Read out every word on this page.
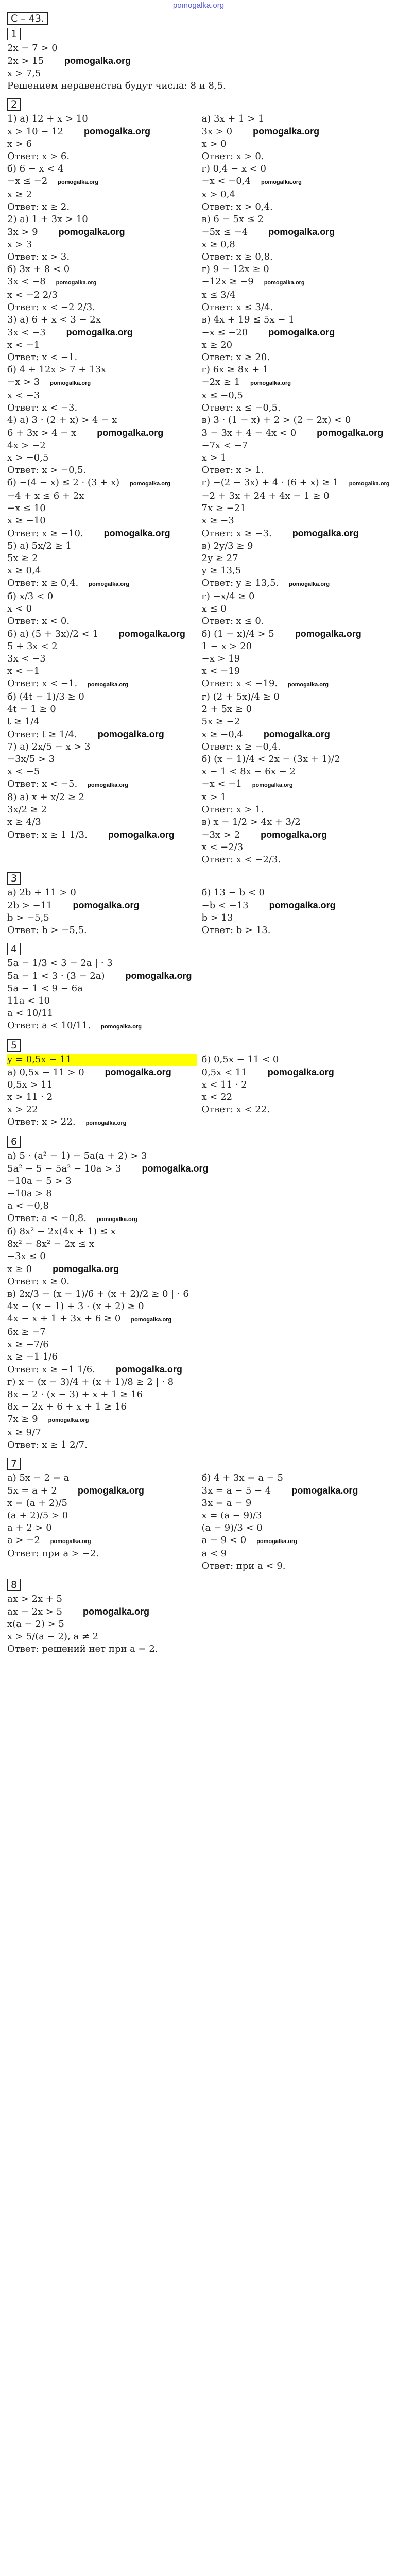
pomogalka.org
С – 43.
1
2x − 7 > 0
2x > 15 pomogalka.org
x > 7,5
Решением неравенства будут числа: 8 и 8,5.
2
1) а) 12 + x > 10
x > 10 − 12 pomogalka.org
x > 6
Ответ: x > 6.
б) 6 − x < 4
−x ≤ −2 pomogalka.org
x ≥ 2
Ответ: x ≥ 2.
2) а) 1 + 3x > 10
3x > 9 pomogalka.org
x > 3
Ответ: x > 3.
б) 3x + 8 < 0
3x < −8 pomogalka.org
x < −2 2/3
Ответ: x < −2 2/3.
3) а) 6 + x < 3 − 2x
3x < −3 pomogalka.org
x < −1
Ответ: x < −1.
б) 4 + 12x > 7 + 13x
−x > 3 pomogalka.org
x < −3
Ответ: x < −3.
4) а) 3 · (2 + x) > 4 − x
6 + 3x > 4 − x pomogalka.org
4x > −2
x > −0,5
Ответ: x > −0,5.
б) −(4 − x) ≤ 2 · (3 + x) pomogalka.org
−4 + x ≤ 6 + 2x
−x ≤ 10
x ≥ −10
Ответ: x ≥ −10. pomogalka.org
5) а) 5x/2 ≥ 1
5x ≥ 2
x ≥ 0,4
Ответ: x ≥ 0,4. pomogalka.org
б) x/3 < 0
x < 0
Ответ: x < 0.
6) а) (5 + 3x)/2 < 1 pomogalka.org
5 + 3x < 2
3x < −3
x < −1
Ответ: x < −1. pomogalka.org
б) (4t − 1)/3 ≥ 0
4t − 1 ≥ 0
t ≥ 1/4
Ответ: t ≥ 1/4. pomogalka.org
7) а) 2x/5 − x > 3
−3x/5 > 3
x < −5
Ответ: x < −5. pomogalka.org
8) а) x + x/2 ≥ 2
3x/2 ≥ 2
x ≥ 4/3
Ответ: x ≥ 1 1/3. pomogalka.org
а) 3x + 1 > 1
3x > 0 pomogalka.org
x > 0
Ответ: x > 0.
г) 0,4 − x < 0
−x < −0,4 pomogalka.org
x > 0,4
Ответ: x > 0,4.
в) 6 − 5x ≤ 2
−5x ≤ −4 pomogalka.org
x ≥ 0,8
Ответ: x ≥ 0,8.
г) 9 − 12x ≥ 0
−12x ≥ −9 pomogalka.org
x ≤ 3/4
Ответ: x ≤ 3/4.
в) 4x + 19 ≤ 5x − 1
−x ≤ −20 pomogalka.org
x ≥ 20
Ответ: x ≥ 20.
г) 6x ≥ 8x + 1
−2x ≥ 1 pomogalka.org
x ≤ −0,5
Ответ: x ≤ −0,5.
в) 3 · (1 − x) + 2 > (2 − 2x) < 0
3 − 3x + 4 − 4x < 0 pomogalka.org
−7x < −7
x > 1
Ответ: x > 1.
г) −(2 − 3x) + 4 · (6 + x) ≥ 1 pomogalka.org
−2 + 3x + 24 + 4x − 1 ≥ 0
7x ≥ −21
x ≥ −3
Ответ: x ≥ −3. pomogalka.org
в) 2y/3 ≥ 9
2y ≥ 27
y ≥ 13,5
Ответ: y ≥ 13,5. pomogalka.org
г) −x/4 ≥ 0
x ≤ 0
Ответ: x ≤ 0.
б) (1 − x)/4 > 5 pomogalka.org
1 − x > 20
−x > 19
x < −19
Ответ: x < −19. pomogalka.org
г) (2 + 5x)/4 ≥ 0
2 + 5x ≥ 0
5x ≥ −2
x ≥ −0,4 pomogalka.org
Ответ: x ≥ −0,4.
б) (x − 1)/4 < 2x − (3x + 1)/2
x − 1 < 8x − 6x − 2
−x < −1 pomogalka.org
x > 1
Ответ: x > 1.
в) x − 1/2 > 4x + 3/2
−3x > 2 pomogalka.org
x < −2/3
Ответ: x < −2/3.
3
а) 2b + 11 > 0
2b > −11 pomogalka.org
b > −5,5
Ответ: b > −5,5.
б) 13 − b < 0
−b < −13 pomogalka.org
b > 13
Ответ: b > 13.
4
5a − 1/3 < 3 − 2a | · 3
5a − 1 < 3 · (3 − 2a) pomogalka.org
5a − 1 < 9 − 6a
11a < 10
a < 10/11
Ответ: a < 10/11. pomogalka.org
5
y = 0,5x − 11
а) 0,5x − 11 > 0 pomogalka.org
0,5x > 11
x > 11 · 2
x > 22
Ответ: x > 22. pomogalka.org
б) 0,5x − 11 < 0
0,5x < 11 pomogalka.org
x < 11 · 2
x < 22
Ответ: x < 22.
6
а) 5 · (a² − 1) − 5a(a + 2) > 3
5a² − 5 − 5a² − 10a > 3 pomogalka.org
−10a − 5 > 3
−10a > 8
a < −0,8
Ответ: a < −0,8. pomogalka.org
б) 8x² − 2x(4x + 1) ≤ x
8x² − 8x² − 2x ≤ x
−3x ≤ 0
x ≥ 0 pomogalka.org
Ответ: x ≥ 0.
в) 2x/3 − (x − 1)/6 + (x + 2)/2 ≥ 0 | · 6
4x − (x − 1) + 3 · (x + 2) ≥ 0
4x − x + 1 + 3x + 6 ≥ 0 pomogalka.org
6x ≥ −7
x ≥ −7/6
x ≥ −1 1/6
Ответ: x ≥ −1 1/6. pomogalka.org
г) x − (x − 3)/4 + (x + 1)/8 ≥ 2 | · 8
8x − 2 · (x − 3) + x + 1 ≥ 16
8x − 2x + 6 + x + 1 ≥ 16
7x ≥ 9 pomogalka.org
x ≥ 9/7
Ответ: x ≥ 1 2/7.
7
а) 5x − 2 = a
5x = a + 2 pomogalka.org
x = (a + 2)/5
(a + 2)/5 > 0
a + 2 > 0
a > −2 pomogalka.org
Ответ: при a > −2.
б) 4 + 3x = a − 5
3x = a − 5 − 4 pomogalka.org
3x = a − 9
x = (a − 9)/3
(a − 9)/3 < 0
a − 9 < 0 pomogalka.org
a < 9
Ответ: при a < 9.
8
ax > 2x + 5
ax − 2x > 5 pomogalka.org
x(a − 2) > 5
x > 5/(a − 2), a ≠ 2
Ответ: решений нет при a = 2.
